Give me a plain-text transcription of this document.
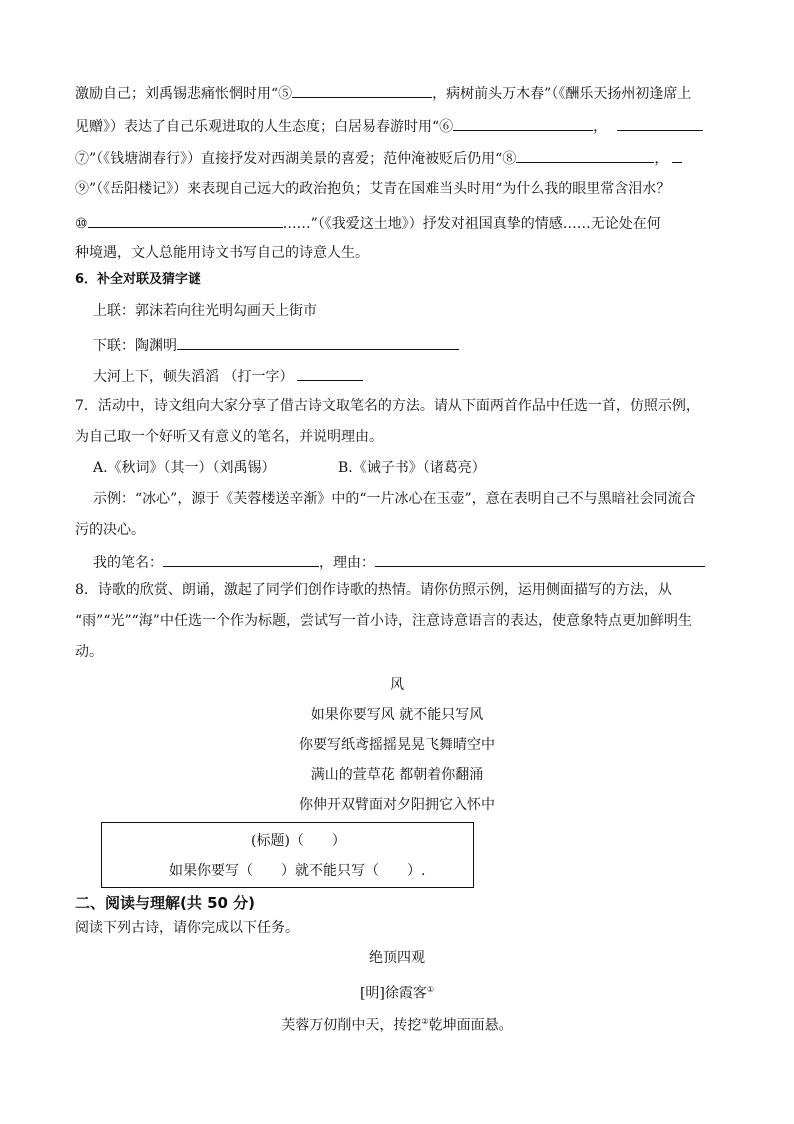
激励自己；刘禹锡悲痛怅惘时用“⑤	，病树前头万木春”（《酬乐天扬州初逢席上
见赠》）表达了自己乐观进取的人生态度；白居易春游时用“⑥	，
⑦”（《钱塘湖春行》）直接抒发对西湖美景的喜爱；范仲淹被贬后仍用“⑧	，
⑨”（《岳阳楼记》）来表现自己远大的政治抱负；艾青在国难当头时用“为什么我的眼里常含泪水？
⑩	……”（《我爱这土地》）抒发对祖国真挚的情感……无论处在何
种境遇，文人总能用诗文书写自己的诗意人生。
6．补全对联及猜字谜
上联：郭沫若向往光明勾画天上街市
下联：陶渊明
大河上下，顿失滔滔 （打一字）
7．活动中，诗文组向大家分享了借古诗文取笔名的方法。请从下面两首作品中任选一首，仿照示例，
为自己取一个好听又有意义的笔名，并说明理由。
A.《秋词》（其一）（刘禹锡）	B.《诫子书》（诸葛亮）
示例：“冰心”，源于《芙蓉楼送辛渐》中的“一片冰心在玉壶”，意在表明自己不与黑暗社会同流合
污的决心。
我的笔名：	，理由：
8．诗歌的欣赏、朗诵，激起了同学们创作诗歌的热情。请你仿照示例，运用侧面描写的方法，从
“雨”“光”“海”中任选一个作为标题，尝试写一首小诗，注意诗意语言的表达，使意象特点更加鲜明生
动。
风
如果你要写风 就不能只写风
你要写纸鸢摇摇晃晃飞舞晴空中
满山的萱草花 都朝着你翻涌
你伸开双臂面对夕阳拥它入怀中
(标题)（　　）
如果你要写（　　）就不能只写（　　）.
二、阅读与理解(共 50 分)
阅读下列古诗，请你完成以下任务。
绝顶四观
[明]徐霞客①
芙蓉万仞削中天，抟挖②乾坤面面悬。
